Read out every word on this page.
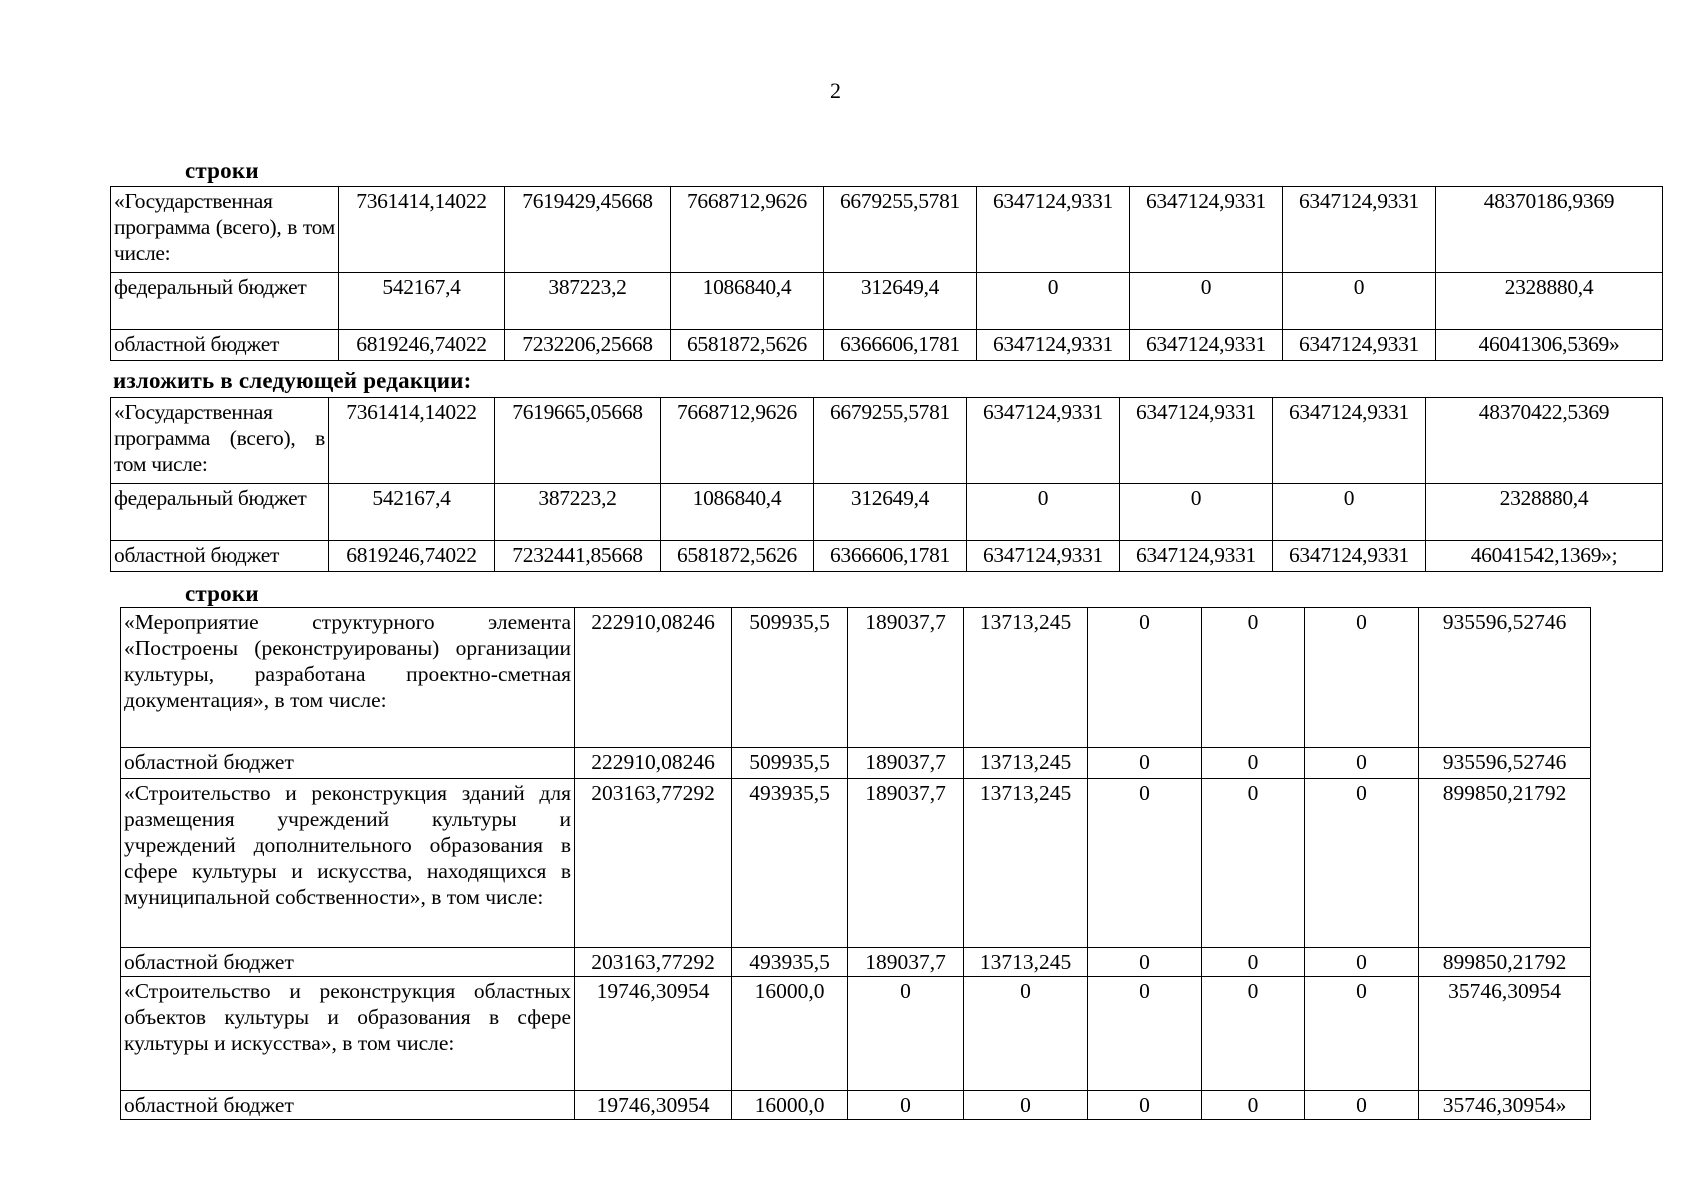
2
строки
«Государственная программа (всего), в том числе:	7361414,14022	7619429,45668	7668712,9626	6679255,5781	6347124,9331	6347124,9331	6347124,9331	48370186,9369
федеральный бюджет	542167,4	387223,2	1086840,4	312649,4	0	0	0	2328880,4
областной бюджет	6819246,74022	7232206,25668	6581872,5626	6366606,1781	6347124,9331	6347124,9331	6347124,9331	46041306,5369»
изложить в следующей редакции:
«Государственная программа (всего), в том числе:	7361414,14022	7619665,05668	7668712,9626	6679255,5781	6347124,9331	6347124,9331	6347124,9331	48370422,5369
федеральный бюджет	542167,4	387223,2	1086840,4	312649,4	0	0	0	2328880,4
областной бюджет	6819246,74022	7232441,85668	6581872,5626	6366606,1781	6347124,9331	6347124,9331	6347124,9331	46041542,1369»;
строки
«Мероприятие структурного элемента «Построены (реконструированы) организации культуры, разработана проектно-сметная документация», в том числе:	222910,08246	509935,5	189037,7	13713,245	0	0	0	935596,52746
областной бюджет	222910,08246	509935,5	189037,7	13713,245	0	0	0	935596,52746
«Строительство и реконструкция зданий для размещения учреждений культуры и учреждений дополнительного образования в сфере культуры и искусства, находящихся в муниципальной собственности», в том числе:	203163,77292	493935,5	189037,7	13713,245	0	0	0	899850,21792
областной бюджет	203163,77292	493935,5	189037,7	13713,245	0	0	0	899850,21792
«Строительство и реконструкция областных объектов культуры и образования в сфере культуры и искусства», в том числе:	19746,30954	16000,0	0	0	0	0	0	35746,30954
областной бюджет	19746,30954	16000,0	0	0	0	0	0	35746,30954»
